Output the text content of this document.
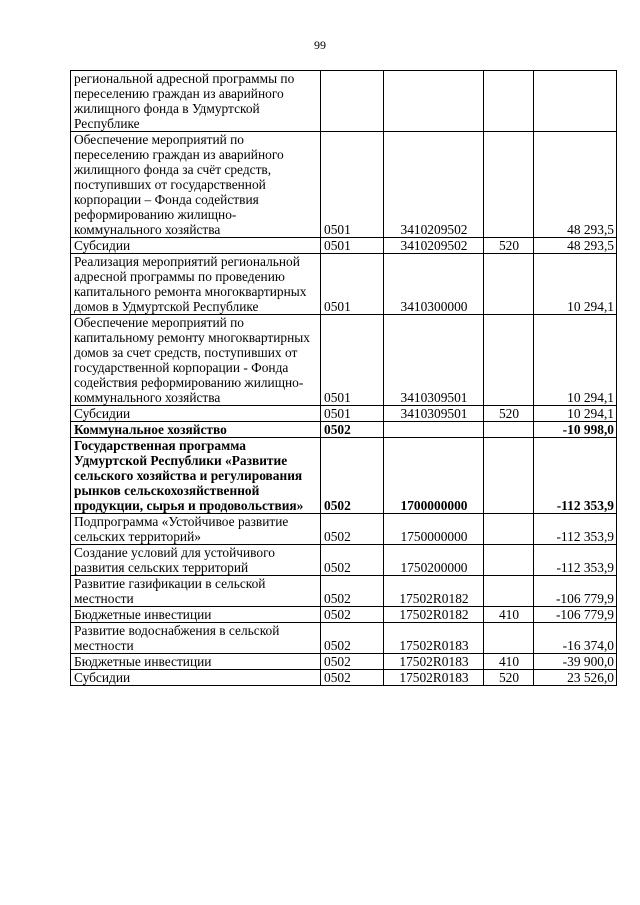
99
региональной адресной программы по переселению граждан из аварийного жилищного фонда в Удмуртской Республике				
Обеспечение мероприятий по переселению граждан из аварийного жилищного фонда за счёт средств, поступивших от государственной корпорации – Фонда содействия реформированию жилищно-коммунального хозяйства	0501	3410209502		48 293,5
Субсидии	0501	3410209502	520	48 293,5
Реализация мероприятий региональной адресной программы по проведению капитального ремонта многоквартирных домов в Удмуртской Республике	0501	3410300000		10 294,1
Обеспечение мероприятий по капитальному ремонту многоквартирных домов за счет средств, поступивших от государственной корпорации - Фонда содействия реформированию жилищно-коммунального хозяйства	0501	3410309501		10 294,1
Субсидии	0501	3410309501	520	10 294,1
Коммунальное хозяйство	0502			-10 998,0
Государственная программа Удмуртской Республики «Развитие сельского хозяйства и регулирования рынков сельскохозяйственной продукции, сырья и продовольствия»	0502	1700000000		-112 353,9
Подпрограмма «Устойчивое развитие сельских территорий»	0502	1750000000		-112 353,9
Создание условий для устойчивого развития сельских территорий	0502	1750200000		-112 353,9
Развитие газификации в сельской местности	0502	17502R0182		-106 779,9
Бюджетные инвестиции	0502	17502R0182	410	-106 779,9
Развитие водоснабжения в сельской местности	0502	17502R0183		-16 374,0
Бюджетные инвестиции	0502	17502R0183	410	-39 900,0
Субсидии	0502	17502R0183	520	23 526,0
